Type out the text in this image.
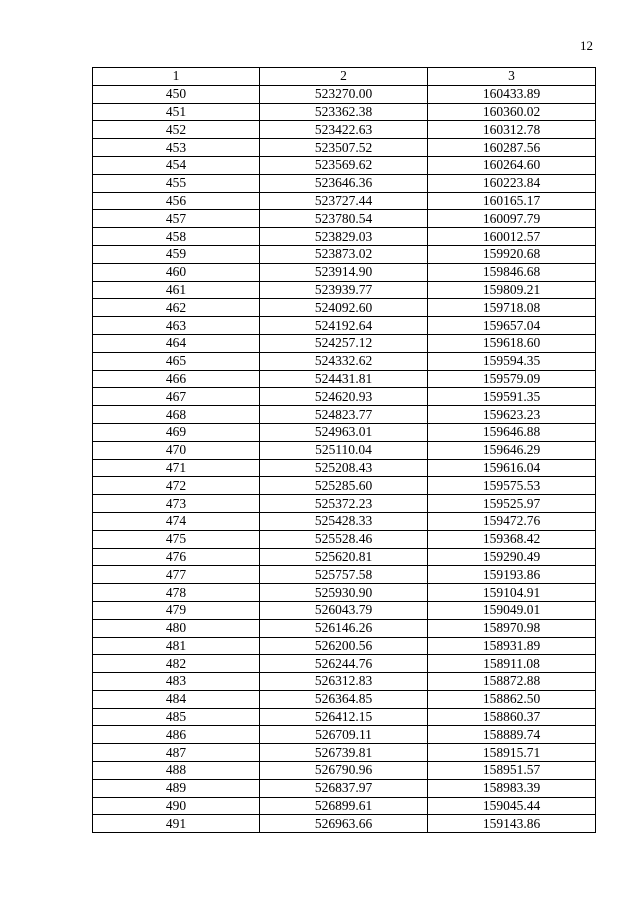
12
1	2	3
450	523270.00	160433.89
451	523362.38	160360.02
452	523422.63	160312.78
453	523507.52	160287.56
454	523569.62	160264.60
455	523646.36	160223.84
456	523727.44	160165.17
457	523780.54	160097.79
458	523829.03	160012.57
459	523873.02	159920.68
460	523914.90	159846.68
461	523939.77	159809.21
462	524092.60	159718.08
463	524192.64	159657.04
464	524257.12	159618.60
465	524332.62	159594.35
466	524431.81	159579.09
467	524620.93	159591.35
468	524823.77	159623.23
469	524963.01	159646.88
470	525110.04	159646.29
471	525208.43	159616.04
472	525285.60	159575.53
473	525372.23	159525.97
474	525428.33	159472.76
475	525528.46	159368.42
476	525620.81	159290.49
477	525757.58	159193.86
478	525930.90	159104.91
479	526043.79	159049.01
480	526146.26	158970.98
481	526200.56	158931.89
482	526244.76	158911.08
483	526312.83	158872.88
484	526364.85	158862.50
485	526412.15	158860.37
486	526709.11	158889.74
487	526739.81	158915.71
488	526790.96	158951.57
489	526837.97	158983.39
490	526899.61	159045.44
491	526963.66	159143.86
